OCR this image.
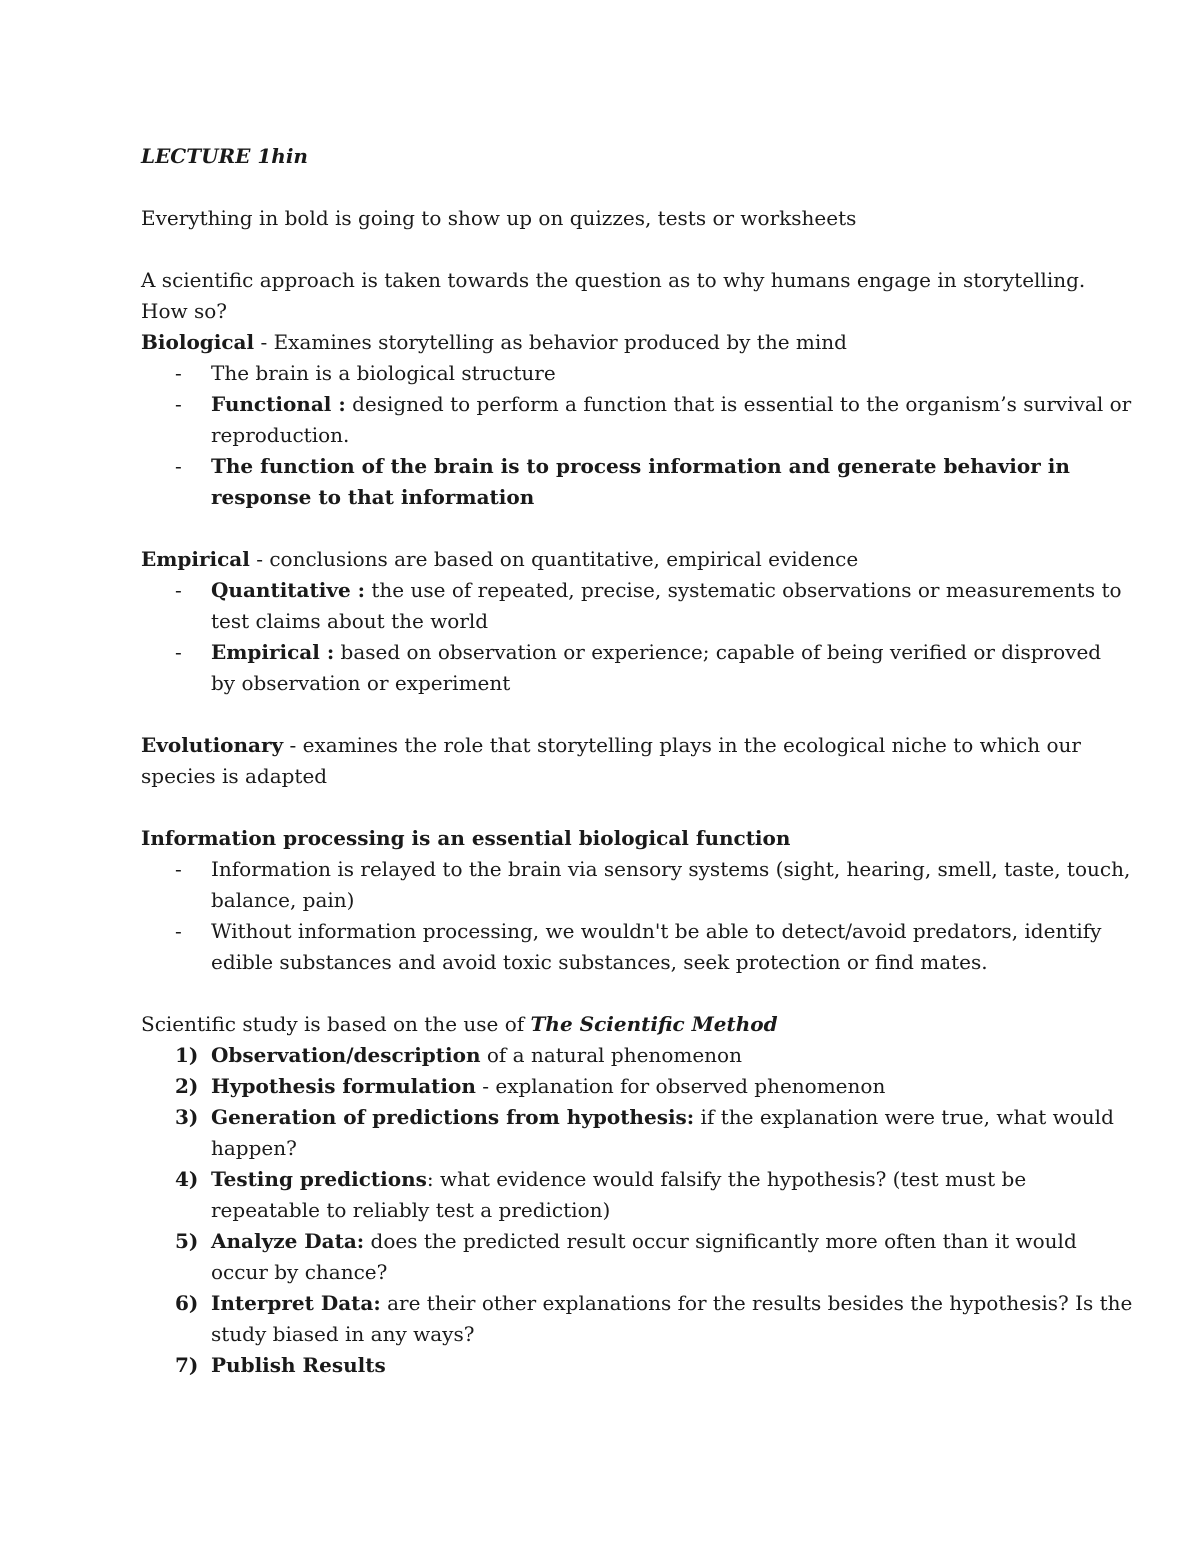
LECTURE 1hin
Everything in bold is going to show up on quizzes, tests or worksheets
A scientific approach is taken towards the question as to why humans engage in storytelling.
How so?
Biological - Examines storytelling as behavior produced by the mind
- The brain is a biological structure
- Functional : designed to perform a function that is essential to the organism’s survival or
reproduction.
- The function of the brain is to process information and generate behavior in
response to that information
Empirical - conclusions are based on quantitative, empirical evidence
- Quantitative : the use of repeated, precise, systematic observations or measurements to
test claims about the world
- Empirical : based on observation or experience; capable of being verified or disproved
by observation or experiment
Evolutionary - examines the role that storytelling plays in the ecological niche to which our
species is adapted
Information processing is an essential biological function
- Information is relayed to the brain via sensory systems (sight, hearing, smell, taste, touch,
balance, pain)
- Without information processing, we wouldn't be able to detect/avoid predators, identify
edible substances and avoid toxic substances, seek protection or find mates.
Scientific study is based on the use of The Scientific Method
1) Observation/description of a natural phenomenon
2) Hypothesis formulation - explanation for observed phenomenon
3) Generation of predictions from hypothesis: if the explanation were true, what would
happen?
4) Testing predictions: what evidence would falsify the hypothesis? (test must be
repeatable to reliably test a prediction)
5) Analyze Data: does the predicted result occur significantly more often than it would
occur by chance?
6) Interpret Data: are their other explanations for the results besides the hypothesis? Is the
study biased in any ways?
7) Publish Results
